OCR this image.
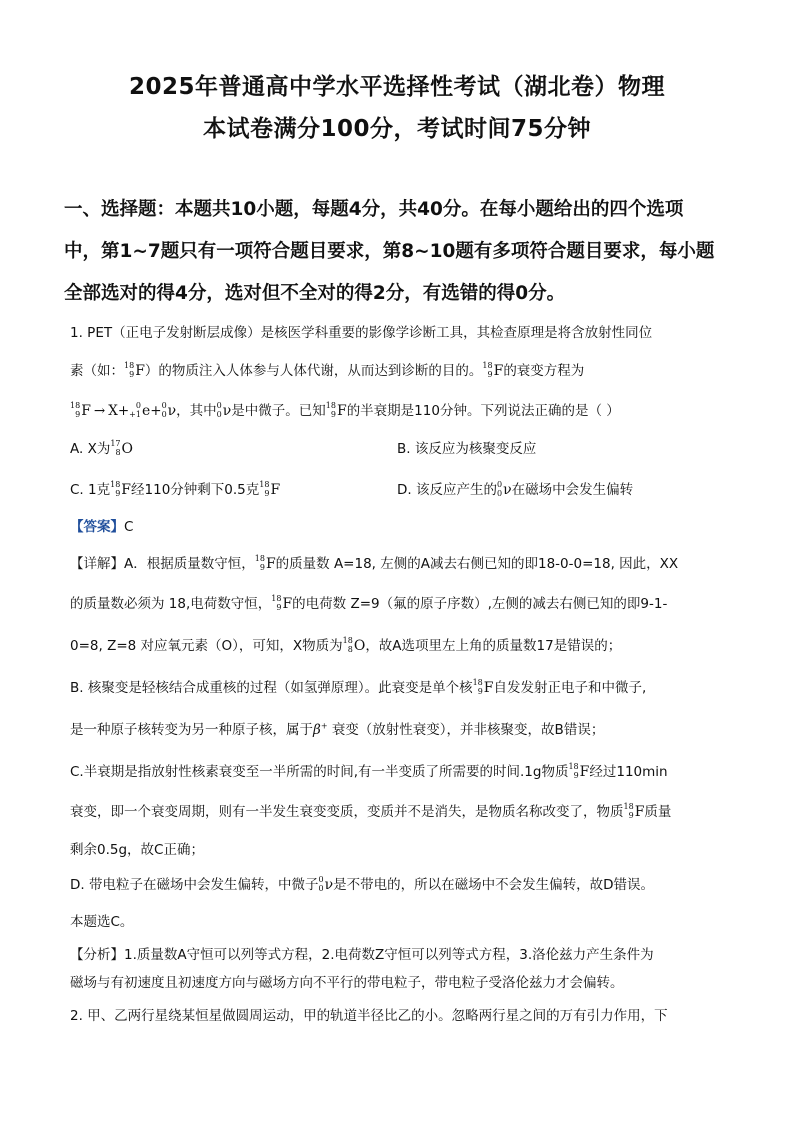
2025年普通高中学水平选择性考试（湖北卷）物理
本试卷满分100分，考试时间75分钟
一、选择题：本题共10小题，每题4分，共40分。在每小题给出的四个选项
中，第1~7题只有一项符合题目要求，第8~10题有多项符合题目要求，每小题
全部选对的得4分，选对但不全对的得2分，有选错的得0分。
1. PET（正电子发射断层成像）是核医学科重要的影像学诊断工具，其检查原理是将含放射性同位
素（如： 18
9 F）的物质注入人体参与人体代谢，从而达到诊断的目的。 18
9 F的衰变方程为
18
9 F → X+ 0
+1 e+ 0
0 ν，其中 0
0 ν是中微子。已知 18
9 F的半衰期是110分钟。下列说法正确的是（ ）
A. X为 17
8 O	B. 该反应为核聚变反应
C. 1克 18
9 F经110分钟剩下0.5克 18
9 F	D. 该反应产生的 0
0 ν在磁场中会发生偏转
【答案】C
【详解】A．根据质量数守恒， 18
9 F的质量数 A=18, 左侧的A减去右侧已知的即18-0-0=18, 因此，XX
的质量数必须为 18,电荷数守恒， 18
9 F的电荷数 Z=9（氟的原子序数）,左侧的减去右侧已知的即9-1-
0=8, Z=8 对应氧元素（O），可知，X物质为 18
8 O，故A选项里左上角的质量数17是错误的；
B. 核聚变是轻核结合成重核的过程（如氢弹原理）。此衰变是单个核 18
9 F自发发射正电子和中微子,
是一种原子核转变为另一种原子核，属于β+ 衰变（放射性衰变），并非核聚变，故B错误；
C.半衰期是指放射性核素衰变至一半所需的时间,有一半变质了所需要的时间.1g物质 18
9 F经过110min
衰变，即一个衰变周期，则有一半发生衰变变质，变质并不是消失，是物质名称改变了，物质 18
9 F质量
剩余0.5g，故C正确；
D. 带电粒子在磁场中会发生偏转，中微子 0
0 ν是不带电的，所以在磁场中不会发生偏转，故D错误。
本题选C。
【分析】1.质量数A守恒可以列等式方程，2.电荷数Z守恒可以列等式方程，3.洛伦兹力产生条件为
磁场与有初速度且初速度方向与磁场方向不平行的带电粒子，带电粒子受洛伦兹力才会偏转。
2. 甲、乙两行星绕某恒星做圆周运动，甲的轨道半径比乙的小。忽略两行星之间的万有引力作用，下
